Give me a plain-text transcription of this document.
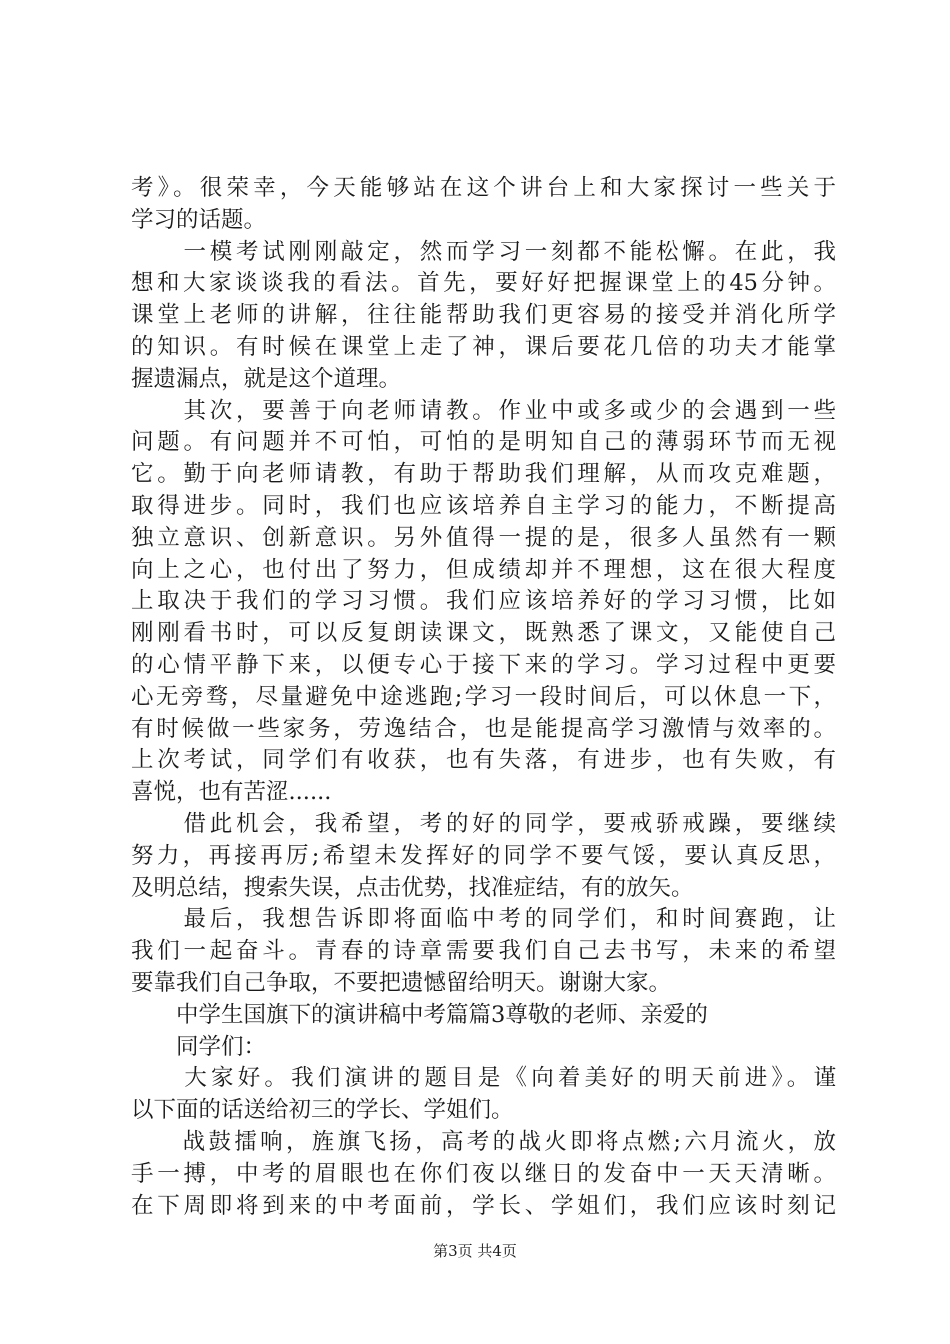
考》。很荣幸，今天能够站在这个讲台上和大家探讨一些关于
学习的话题。
　　一模考试刚刚敲定，然而学习一刻都不能松懈。在此，我
想和大家谈谈我的看法。首先，要好好把握课堂上的45分钟。
课堂上老师的讲解，往往能帮助我们更容易的接受并消化所学
的知识。有时候在课堂上走了神，课后要花几倍的功夫才能掌
握遗漏点，就是这个道理。
　　其次，要善于向老师请教。作业中或多或少的会遇到一些
问题。有问题并不可怕，可怕的是明知自己的薄弱环节而无视
它。勤于向老师请教，有助于帮助我们理解，从而攻克难题，
取得进步。同时，我们也应该培养自主学习的能力，不断提高
独立意识、创新意识。另外值得一提的是，很多人虽然有一颗
向上之心，也付出了努力，但成绩却并不理想，这在很大程度
上取决于我们的学习习惯。我们应该培养好的学习习惯，比如
刚刚看书时，可以反复朗读课文，既熟悉了课文，又能使自己
的心情平静下来，以便专心于接下来的学习。学习过程中更要
心无旁骛，尽量避免中途逃跑;学习一段时间后，可以休息一下，
有时候做一些家务，劳逸结合，也是能提高学习激情与效率的。
上次考试，同学们有收获，也有失落，有进步，也有失败，有
喜悦，也有苦涩......
　　借此机会，我希望，考的好的同学，要戒骄戒躁，要继续
努力，再接再厉;希望未发挥好的同学不要气馁，要认真反思，
及明总结，搜索失误，点击优势，找准症结，有的放矢。
　　最后，我想告诉即将面临中考的同学们，和时间赛跑，让
我们一起奋斗。青春的诗章需要我们自己去书写，未来的希望
要靠我们自己争取，不要把遗憾留给明天。谢谢大家。
　　中学生国旗下的演讲稿中考篇篇3尊敬的老师、亲爱的
　　同学们：
　　大家好。我们演讲的题目是《向着美好的明天前进》。谨
以下面的话送给初三的学长、学姐们。
　　战鼓擂响，旌旗飞扬，高考的战火即将点燃;六月流火，放
手一搏，中考的眉眼也在你们夜以继日的发奋中一天天清晰。
在下周即将到来的中考面前，学长、学姐们，我们应该时刻记
第3页 共4页
